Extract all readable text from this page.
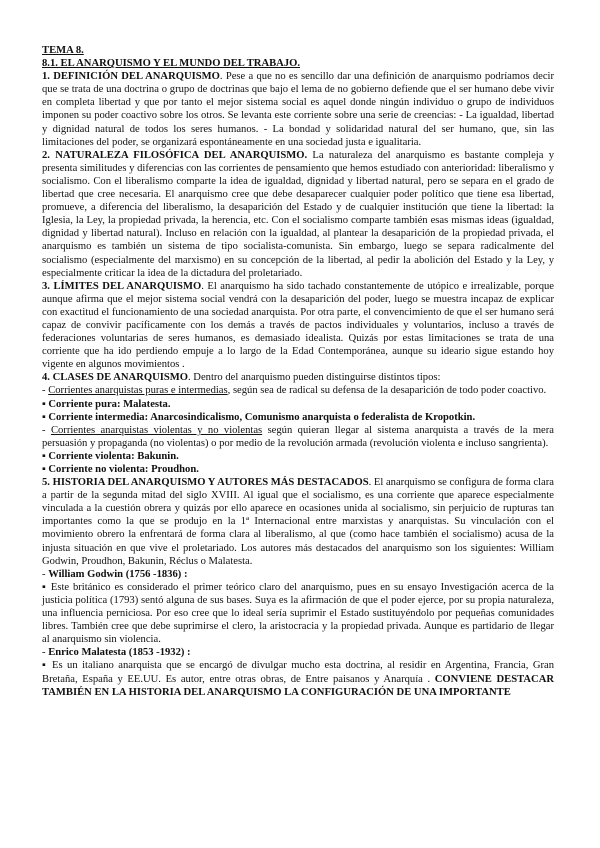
TEMA 8.

8.1. EL ANARQUISMO Y EL MUNDO DEL TRABAJO.

1. DEFINICIÓN DEL ANARQUISMO. Pese a que no es sencillo dar una definición de anarquismo podríamos decir que se trata de una doctrina o grupo de doctrinas que bajo el lema de no gobierno defiende que el ser humano debe vivir en completa libertad y que por tanto el mejor sistema social es aquel donde ningún individuo o grupo de individuos imponen su poder coactivo sobre los otros. Se levanta este corriente sobre una serie de creencias: - La igualdad, libertad y dignidad natural de todos los seres humanos. - La bondad y solidaridad natural del ser humano, que, sin las limitaciones del poder, se organizará espontáneamente en una sociedad justa e igualitaria.

2. NATURALEZA FILOSÓFICA DEL ANARQUISMO. La naturaleza del anarquismo es bastante compleja y presenta similitudes y diferencias con las corrientes de pensamiento que hemos estudiado con anterioridad: liberalismo y socialismo. Con el liberalismo comparte la idea de igualdad, dignidad y libertad natural, pero se separa en el grado de libertad que cree necesaria. El anarquismo cree que debe desaparecer cualquier poder político que tiene esa libertad, promueve, a diferencia del liberalismo, la desaparición del Estado y de cualquier institución que tiene la libertad: la Iglesia, la Ley, la propiedad privada, la herencia, etc. Con el socialismo comparte también esas mismas ideas (igualdad, dignidad y libertad natural). Incluso en relación con la igualdad, al plantear la desaparición de la propiedad privada, el anarquismo es también un sistema de tipo socialista-comunista. Sin embargo, luego se separa radicalmente del socialismo (especialmente del marxismo) en su concepción de la libertad, al pedir la abolición del Estado y la Ley, y especialmente criticar la idea de la dictadura del proletariado.

3. LÍMITES DEL ANARQUISMO. El anarquismo ha sido tachado constantemente de utópico e irrealizable, porque aunque afirma que el mejor sistema social vendrá con la desaparición del poder, luego se muestra incapaz de explicar con exactitud el funcionamiento de una sociedad anarquista. Por otra parte, el convencimiento de que el ser humano será capaz de convivir pacíficamente con los demás a través de pactos individuales y voluntarios, incluso a través de federaciones voluntarias de seres humanos, es demasiado idealista. Quizás por estas limitaciones se trata de una corriente que ha ido perdiendo empuje a lo largo de la Edad Contemporánea, aunque su ideario sigue estando hoy vigente en algunos movimientos .

4. CLASES DE ANARQUISMO. Dentro del anarquismo pueden distinguirse distintos tipos:

- Corrientes anarquistas puras e intermedias, según sea de radical su defensa de la desaparición de todo poder coactivo.

▪ Corriente pura: Malatesta.

▪ Corriente intermedia: Anarcosindicalismo, Comunismo anarquista o federalista de Kropotkin.

- Corrientes anarquistas violentas y no violentas según quieran llegar al sistema anarquista a través de la mera persuasión y propaganda (no violentas) o por medio de la revolución armada (revolución violenta e incluso sangrienta).

▪ Corriente violenta: Bakunin.

▪ Corriente no violenta: Proudhon.

5. HISTORIA DEL ANARQUISMO Y AUTORES MÁS DESTACADOS. El anarquismo se configura de forma clara a partir de la segunda mitad del siglo XVIII. Al igual que el socialismo, es una corriente que aparece especialmente vinculada a la cuestión obrera y quizás por ello aparece en ocasiones unida al socialismo, sin perjuicio de rupturas tan importantes como la que se produjo en la 1ª Internacional entre marxistas y anarquistas. Su vinculación con el movimiento obrero la enfrentará de forma clara al liberalismo, al que (como hace también el socialismo) acusa de la injusta situación en que vive el proletariado. Los autores más destacados del anarquismo son los siguientes: William Godwin, Proudhon, Bakunin, Réclus o Malatesta.

- William Godwin (1756 -1836) :

▪ Este británico es considerado el primer teórico claro del anarquismo, pues en su ensayo Investigación acerca de la justicia política (1793) sentó alguna de sus bases. Suya es la afirmación de que el poder ejerce, por su propia naturaleza, una influencia perniciosa. Por eso cree que lo ideal sería suprimir el Estado sustituyéndolo por pequeñas comunidades libres. También cree que debe suprimirse el clero, la aristocracia y la propiedad privada. Aunque es partidario de llegar al anarquismo sin violencia.

- Enrico Malatesta (1853 -1932) :

▪ Es un italiano anarquista que se encargó de divulgar mucho esta doctrina, al residir en Argentina, Francia, Gran Bretaña, España y EE.UU. Es autor, entre otras obras, de Entre paisanos y Anarquía . CONVIENE DESTACAR TAMBIÉN EN LA HISTORIA DEL ANARQUISMO LA CONFIGURACIÓN DE UNA IMPORTANTE
